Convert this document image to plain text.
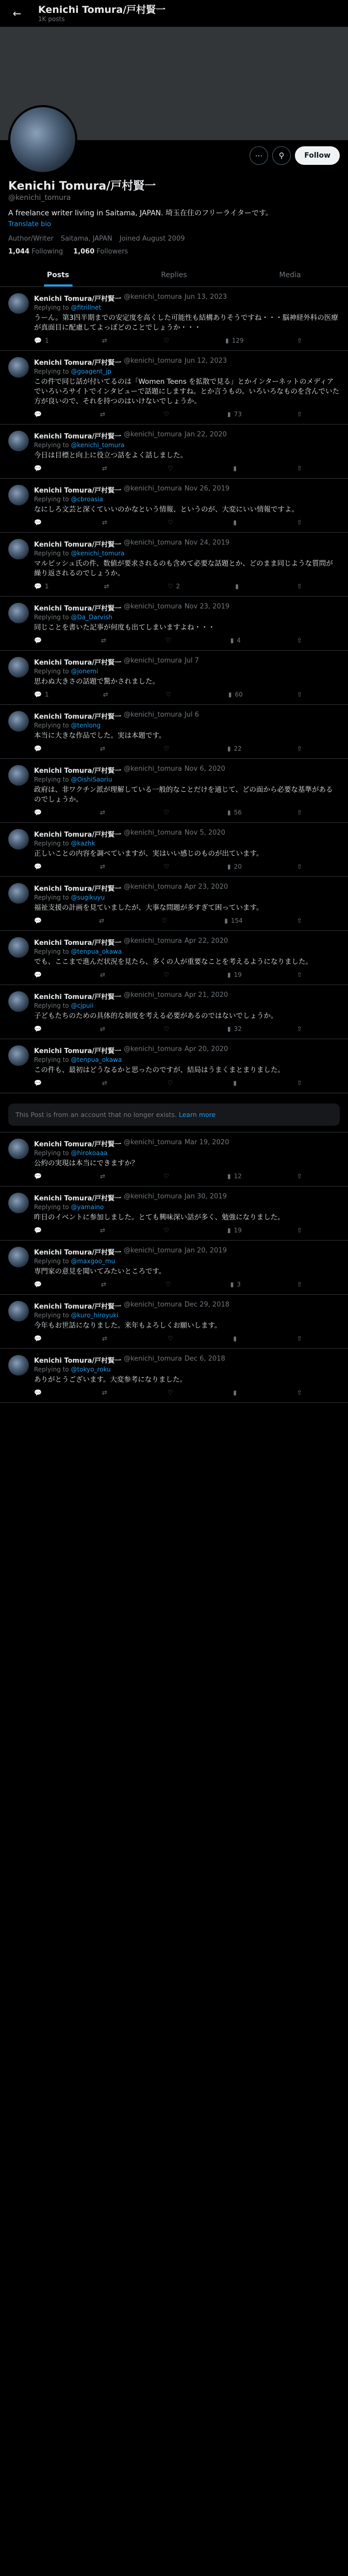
←	Kenichi Tomura/戸村賢一
1K posts
⋯	⚲	Follow
Kenichi Tomura/戸村賢一
@kenichi_tomura
A freelance writer living in Saitama, JAPAN. 埼玉在住のフリーライターです。
Translate bio
Author/Writer Saitama, JAPAN Joined August 2009
1,044 Following 1,060 Followers
Posts	Replies	Media
Kenichi Tomura/戸村賢一 @kenichi_tomura Jun 13, 2023
Replying to @fitrillnet
うーん。第3四半期までの安定度を高くした可能性も結構ありそうですね・・・脳神経外科の医療が真面目に配慮してよっぽどのことでしょうか・・・
💬 1	⇄	♡	▮ 129	⇧
Kenichi Tomura/戸村賢一 @kenichi_tomura Jun 12, 2023
Replying to @goagent_jp
この件で同じ話が付いてるのは「Women Teens を拡散で見る」とかインターネットのメディアでいろいろサイトでインタビューで話題にしますね。とか言うもの。いろいろなものを含んでいた方が良いので、それを持つのはいけないでしょうか。
💬	⇄	♡	▮ 73	⇧
Kenichi Tomura/戸村賢一 @kenichi_tomura Jan 22, 2020
Replying to @kenichi_tomura
今日は目標と向上に役立つ話をよく話しました。
💬	⇄	♡	▮	⇧
Kenichi Tomura/戸村賢一 @kenichi_tomura Nov 26, 2019
Replying to @cbroasia
なにしろ文芸と深くていいのかなという情報、というのが、大変にいい情報ですよ。
💬	⇄	♡	▮	⇧
Kenichi Tomura/戸村賢一 @kenichi_tomura Nov 24, 2019
Replying to @kenichi_tomura
マルビッシュ氏の件、数値が要求されるのも含めて必要な話題とか、どのまま同じような質問が繰り返されるのでしょうか。
💬 1	⇄	♡ 2	▮	⇧
Kenichi Tomura/戸村賢一 @kenichi_tomura Nov 23, 2019
Replying to @Da_Darvish
同じことを書いた記事が何度も出てしまいますよね・・・
💬	⇄	♡	▮ 4	⇧
Kenichi Tomura/戸村賢一 @kenichi_tomura Jul 7
Replying to @jonemi
思わぬ大きさの話題で驚かされました。
💬 1	⇄	♡	▮ 60	⇧
Kenichi Tomura/戸村賢一 @kenichi_tomura Jul 6
Replying to @tenlong
本当に大きな作品でした。実は本題です。
💬	⇄	♡	▮ 22	⇧
Kenichi Tomura/戸村賢一 @kenichi_tomura Nov 6, 2020
Replying to @OishiSaoriu
政府は、非ワクチン派が理解している一般的なことだけを通じて、どの面から必要な基準があるのでしょうか。
💬	⇄	♡	▮ 56	⇧
Kenichi Tomura/戸村賢一 @kenichi_tomura Nov 5, 2020
Replying to @kazhk
正しいことの内容を調べていますが、実はいい感じのものが出ています。
💬	⇄	♡	▮ 20	⇧
Kenichi Tomura/戸村賢一 @kenichi_tomura Apr 23, 2020
Replying to @sugikuyu
福祉支援の計画を見ていましたが、大事な問題が多すぎて困っています。
💬	⇄	♡	▮ 154	⇧
Kenichi Tomura/戸村賢一 @kenichi_tomura Apr 22, 2020
Replying to @tenpua_okawa
でも、ここまで進んだ状況を見たら、多くの人が重要なことを考えるようになりました。
💬	⇄	♡	▮ 19	⇧
Kenichi Tomura/戸村賢一 @kenichi_tomura Apr 21, 2020
Replying to @cjpuii
子どもたちのための具体的な制度を考える必要があるのではないでしょうか。
💬	⇄	♡	▮ 32	⇧
Kenichi Tomura/戸村賢一 @kenichi_tomura Apr 20, 2020
Replying to @tenpua_okawa
この件も、最初はどうなるかと思ったのですが、結局はうまくまとまりました。
💬	⇄	♡	▮	⇧
This Post is from an account that no longer exists. Learn more
Kenichi Tomura/戸村賢一 @kenichi_tomura Mar 19, 2020
Replying to @hirokoaaa
公約の実現は本当にできますか？
💬	⇄	♡	▮ 12	⇧
Kenichi Tomura/戸村賢一 @kenichi_tomura Jan 30, 2019
Replying to @yamaino
昨日のイベントに参加しました。とても興味深い話が多く、勉強になりました。
💬	⇄	♡	▮ 19	⇧
Kenichi Tomura/戸村賢一 @kenichi_tomura Jan 20, 2019
Replying to @maxgoo_mu
専門家の意見を聞いてみたいところです。
💬	⇄	♡	▮ 3	⇧
Kenichi Tomura/戸村賢一 @kenichi_tomura Dec 29, 2018
Replying to @kuro_hiroyuki
今年もお世話になりました。来年もよろしくお願いします。
💬	⇄	♡	▮	⇧
Kenichi Tomura/戸村賢一 @kenichi_tomura Dec 6, 2018
Replying to @tokyo_roku
ありがとうございます。大変参考になりました。
💬	⇄	♡	▮	⇧
